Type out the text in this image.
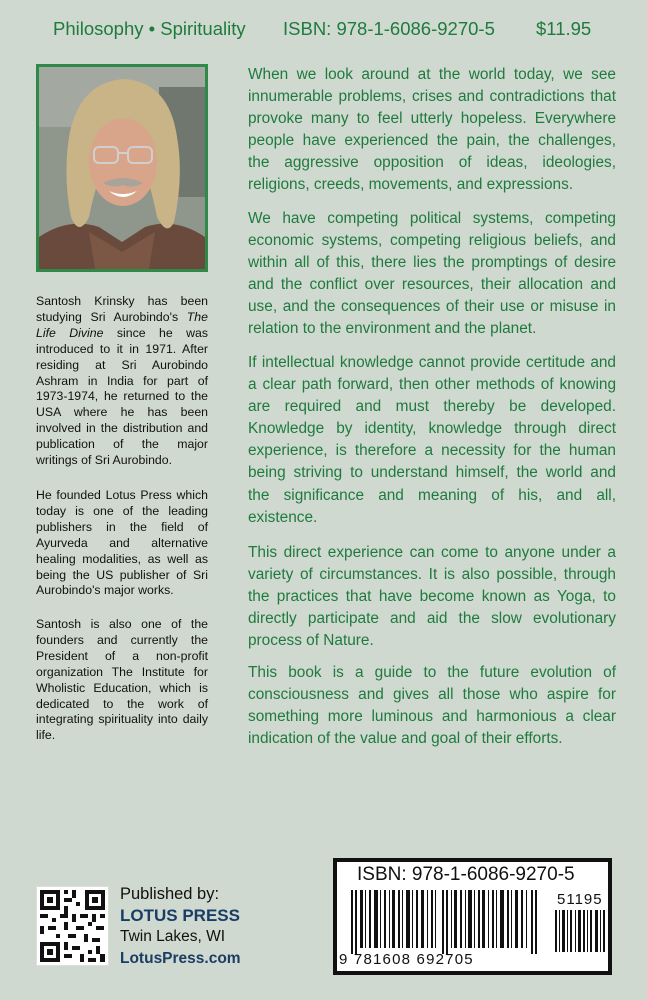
Philosophy • Spirituality ISBN: 978-1-6086-9270-5 $11.95

Santosh Krinsky has been studying Sri Aurobindo's The Life Divine since he was introduced to it in 1971. After residing at Sri Aurobindo Ashram in India for part of 1973-1974, he returned to the USA where he has been involved in the distribution and publication of the major writings of Sri Aurobindo.

He founded Lotus Press which today is one of the leading publishers in the field of Ayurveda and alternative healing modalities, as well as being the US publisher of Sri Aurobindo's major works.

Santosh is also one of the founders and currently the President of a non-profit organization The Institute for Wholistic Education, which is dedicated to the work of integrating spirituality into daily life.

When we look around at the world today, we see innumerable problems, crises and contradictions that provoke many to feel utterly hopeless. Everywhere people have experienced the pain, the challenges, the aggressive opposition of ideas, ideologies, religions, creeds, movements, and expressions.

We have competing political systems, competing economic systems, competing religious beliefs, and within all of this, there lies the promptings of desire and the conflict over resources, their allocation and use, and the consequences of their use or misuse in relation to the environment and the planet.

If intellectual knowledge cannot provide certitude and a clear path forward, then other methods of knowing are required and must thereby be developed. Knowledge by identity, knowledge through direct experience, is therefore a necessity for the human being striving to understand himself, the world and the significance and meaning of his, and all, existence.

This direct experience can come to anyone under a variety of circumstances. It is also possible, through the practices that have become known as Yoga, to directly participate and aid the slow evolutionary process of Nature.

This book is a guide to the future evolution of consciousness and gives all those who aspire for something more luminous and harmonious a clear indication of the value and goal of their efforts.

Published by:
LOTUS PRESS
Twin Lakes, WI
LotusPress.com
ISBN: 978-1-6086-9270-5
51195
9 781608 692705
